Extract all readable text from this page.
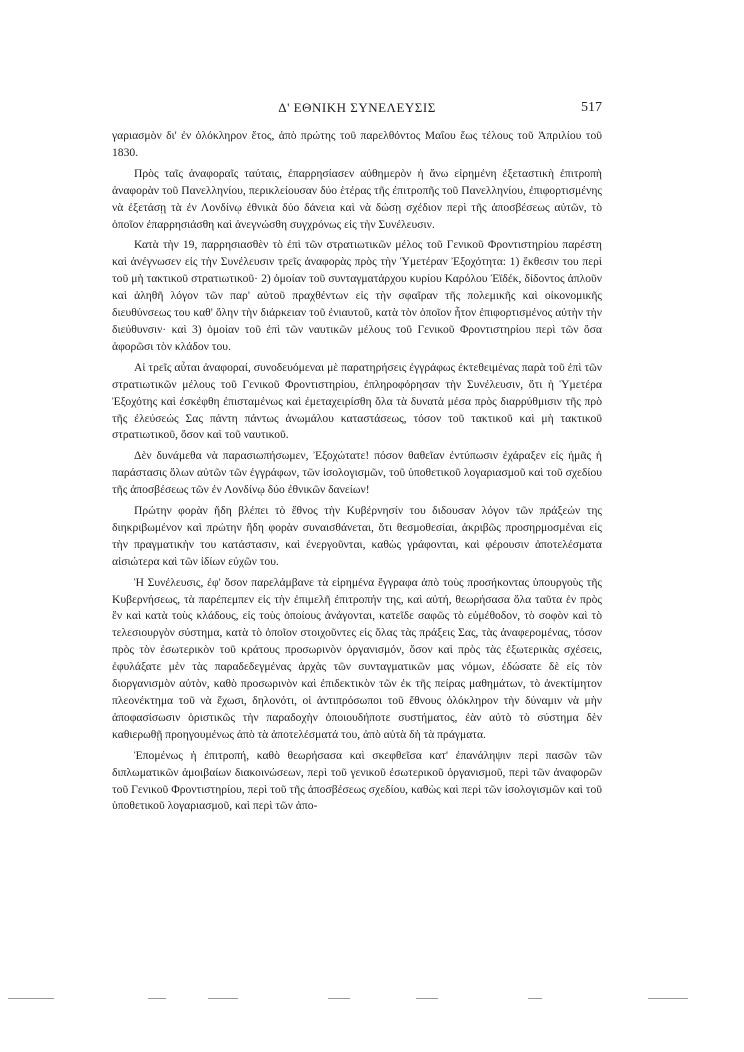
Δ' ΕΘΝΙΚΗ ΣΥΝΕΛΕΥΣΙΣ	517

γαριασμὸν δι' ἐν ὁλόκληρον ἔτος, ἀπὸ πρώτης τοῦ παρελθόντος Μαΐου ἕως τέλους τοῦ Ἀπριλίου τοῦ 1830.

Πρὸς ταῖς ἀναφοραῖς ταύταις, ἐπαρρησίασεν αὐθημερὸν ἡ ἄνω εἰρημένη ἐξεταστικὴ ἐπιτροπὴ ἀναφορὰν τοῦ Πανελληνίου, περικλείουσαν δύο ἑτέρας τῆς ἐπιτροπῆς τοῦ Πανελληνίου, ἐπιφορτισμένης νὰ ἐξετάσῃ τὰ ἐν Λονδίνῳ ἐθνικὰ δύο δάνεια καὶ νὰ δώσῃ σχέδιον περὶ τῆς ἀποσβέσεως αὐτῶν, τὸ ὁποῖον ἐπαρρησιάσθη καὶ ἀνεγνώσθη συγχρόνως εἰς τὴν Συνέλευσιν.

Κατὰ τὴν 19, παρρησιασθὲν τὸ ἐπὶ τῶν στρατιωτικῶν μέλος τοῦ Γενικοῦ Φροντιστηρίου παρέστη καὶ ἀνέγνωσεν εἰς τὴν Συνέλευσιν τρεῖς ἀναφορὰς πρὸς τὴν Ὑμετέραν Ἐξοχότητα: 1) ἔκθεσιν του περὶ τοῦ μὴ τακτικοῦ στρατιωτικοῦ· 2) ὁμοίαν τοῦ συνταγματάρχου κυρίου Καρόλου Ἐϊδέκ, δίδοντος ἁπλοῦν καὶ ἀληθῆ λόγον τῶν παρ' αὐτοῦ πραχθέντων εἰς τὴν σφαῖραν τῆς πολεμικῆς καὶ οἰκονομικῆς διευθύνσεως του καθ' ὅλην τὴν διάρκειαν τοῦ ἐνιαυτοῦ, κατὰ τὸν ὁποῖον ἦτον ἐπιφορτισμένος αὐτὴν τὴν διεύθυνσιν· καὶ 3) ὁμοίαν τοῦ ἐπὶ τῶν ναυτικῶν μέλους τοῦ Γενικοῦ Φροντιστηρίου περὶ τῶν ὅσα ἀφορῶσι τὸν κλάδον του.

Αἱ τρεῖς αὗται ἀναφοραί, συνοδευόμεναι μὲ παρατηρήσεις ἐγγράφως ἐκτεθειμένας παρὰ τοῦ ἐπὶ τῶν στρατιωτικῶν μέλους τοῦ Γενικοῦ Φροντιστηρίου, ἐπληροφόρησαν τὴν Συνέλευσιν, ὅτι ἡ Ὑμετέρα Ἐξοχότης καὶ ἐσκέφθη ἐπισταμένως καὶ ἐμεταχειρίσθη ὅλα τὰ δυνατὰ μέσα πρὸς διαρρύθμισιν τῆς πρὸ τῆς ἐλεύσεώς Σας πάντη πάντως ἀνωμάλου καταστάσεως, τόσον τοῦ τακτικοῦ καὶ μὴ τακτικοῦ στρατιωτικοῦ, ὅσον καὶ τοῦ ναυτικοῦ.

Δὲν δυνάμεθα νὰ παρασιωπήσωμεν, Ἐξοχώτατε! πόσον θαθεῖαν ἐντύπωσιν ἐχάραξεν εἰς ἡμᾶς ἡ παράστασις ὅλων αὐτῶν τῶν ἐγγράφων, τῶν ἰσολογισμῶν, τοῦ ὑποθετικοῦ λογαριασμοῦ καὶ τοῦ σχεδίου τῆς ἀποσβέσεως τῶν ἐν Λονδίνῳ δύο ἐθνικῶν δανείων!

Πρώτην φορὰν ἤδη βλέπει τὸ ἔθνος τὴν Κυβέρνησίν του διδουσαν λόγον τῶν πράξεών της διηκριβωμένον καὶ πρώτην ἤδη φορὰν συναισθάνεται, ὅτι θεσμοθεσίαι, ἀκριβῶς προσηρμοσμέναι εἰς τὴν πραγματικὴν του κατάστασιν, καὶ ἐνεργοῦνται, καθὼς γράφονται, καὶ φέρουσιν ἀποτελέσματα αἰσιώτερα καὶ τῶν ἰδίων εὐχῶν του.

Ἡ Συνέλευσις, ἐφ' ὅσον παρελάμβανε τὰ εἰρημένα ἔγγραφα ἀπὸ τοὺς προσήκοντας ὑπουργοὺς τῆς Κυβερνήσεως, τὰ παρέπεμπεν εἰς τὴν ἐπιμελῆ ἐπιτροπήν της, καὶ αὐτή, θεωρήσασα ὅλα ταῦτα ἐν πρὸς ἓν καὶ κατὰ τοὺς κλάδους, εἰς τοὺς ὁποίους ἀνάγονται, κατεῖδε σαφῶς τὸ εὐμέθοδον, τὸ σοφὸν καὶ τὸ τελεσιουργὸν σύστημα, κατὰ τὸ ὁποῖον στοιχοῦντες εἰς ὅλας τὰς πράξεις Σας, τὰς ἀναφερομένας, τόσον πρὸς τὸν ἐσωτερικὸν τοῦ κράτους προσωρινὸν ὀργανισμόν, ὅσον καὶ πρὸς τὰς ἐξωτερικὰς σχέσεις, ἐφυλάξατε μὲν τὰς παραδεδεγμένας ἀρχὰς τῶν συνταγματικῶν μας νόμων, ἐδώσατε δὲ εἰς τὸν διοργανισμὸν αὐτὸν, καθὸ προσωρινὸν καὶ ἐπιδεκτικὸν τῶν ἐκ τῆς πείρας μαθημάτων, τὸ ἀνεκτίμητον πλεονέκτημα τοῦ νὰ ἔχωσι, δηλονότι, οἱ ἀντιπρόσωποι τοῦ ἔθνους ὁλόκληρον τὴν δύναμιν νὰ μὴν ἀποφασίσωσιν ὁριστικῶς τὴν παραδοχὴν ὁποιουδήποτε συστήματος, ἐὰν αὐτὸ τὸ σύστημα δὲν καθιερωθῇ προηγουμένως ἀπὸ τὰ ἀποτελέσματά του, ἀπὸ αὐτὰ δὴ τὰ πράγματα.

Ἑπομένως ἡ ἐπιτροπή, καθὸ θεωρήσασα καὶ σκεφθεῖσα κατ' ἐπανάληψιν περὶ πασῶν τῶν διπλωματικῶν ἀμοιβαίων διακοινώσεων, περὶ τοῦ γενικοῦ ἐσωτερικοῦ ὀργανισμοῦ, περὶ τῶν ἀναφορῶν τοῦ Γενικοῦ Φροντιστηρίου, περὶ τοῦ τῆς ἀποσβέσεως σχεδίου, καθὼς καὶ περὶ τῶν ἰσολογισμῶν καὶ τοῦ ὑποθετικοῦ λογαριασμοῦ, καὶ περὶ τῶν ἀπο-
